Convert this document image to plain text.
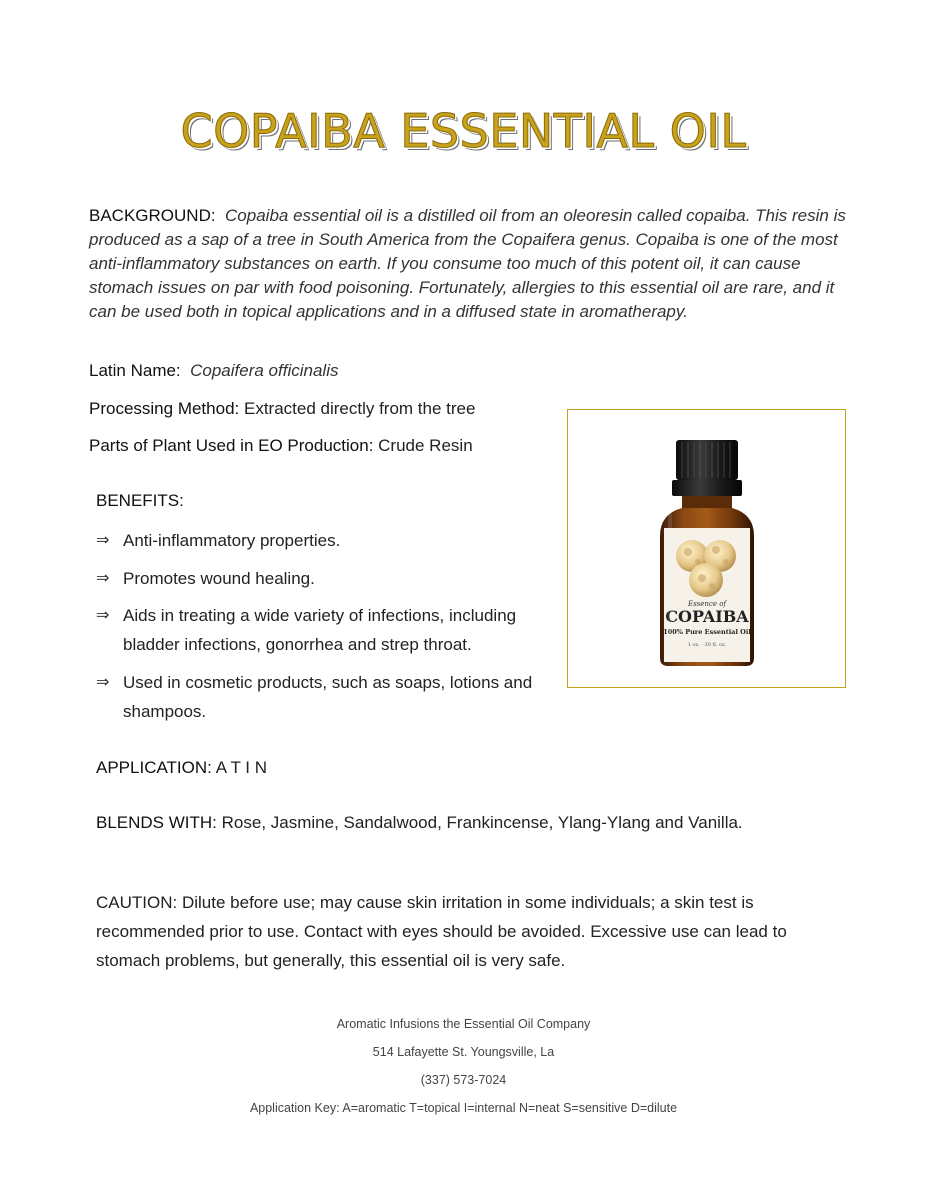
COPAIBA ESSENTIAL OIL
BACKGROUND: Copaiba essential oil is a distilled oil from an oleoresin called copaiba. This resin is produced as a sap of a tree in South America from the Copaifera genus. Copaiba is one of the most anti-inflammatory substances on earth. If you consume too much of this potent oil, it can cause stomach issues on par with food poisoning. Fortunately, allergies to this essential oil are rare, and it can be used both in topical applications and in a diffused state in aromatherapy.
Latin Name: Copaifera officinalis
Processing Method: Extracted directly from the tree
Parts of Plant Used in EO Production: Crude Resin
BENEFITS:
⇒ Anti-inflammatory properties.
⇒ Promotes wound healing.
⇒ Aids in treating a wide variety of infections, including bladder infections, gonorrhea and strep throat.
⇒ Used in cosmetic products, such as soaps, lotions and shampoos.
Essence of
COPAIBA
100% Pure Essential Oil
1 oz. · 30 fl. oz.
APPLICATION: A T I N
BLENDS WITH: Rose, Jasmine, Sandalwood, Frankincense, Ylang-Ylang and Vanilla.
CAUTION: Dilute before use; may cause skin irritation in some individuals; a skin test is recommended prior to use. Contact with eyes should be avoided. Excessive use can lead to stomach problems, but generally, this essential oil is very safe.
Aromatic Infusions the Essential Oil Company
514 Lafayette St. Youngsville, La
(337) 573-7024
Application Key: A=aromatic T=topical I=internal N=neat S=sensitive D=dilute
